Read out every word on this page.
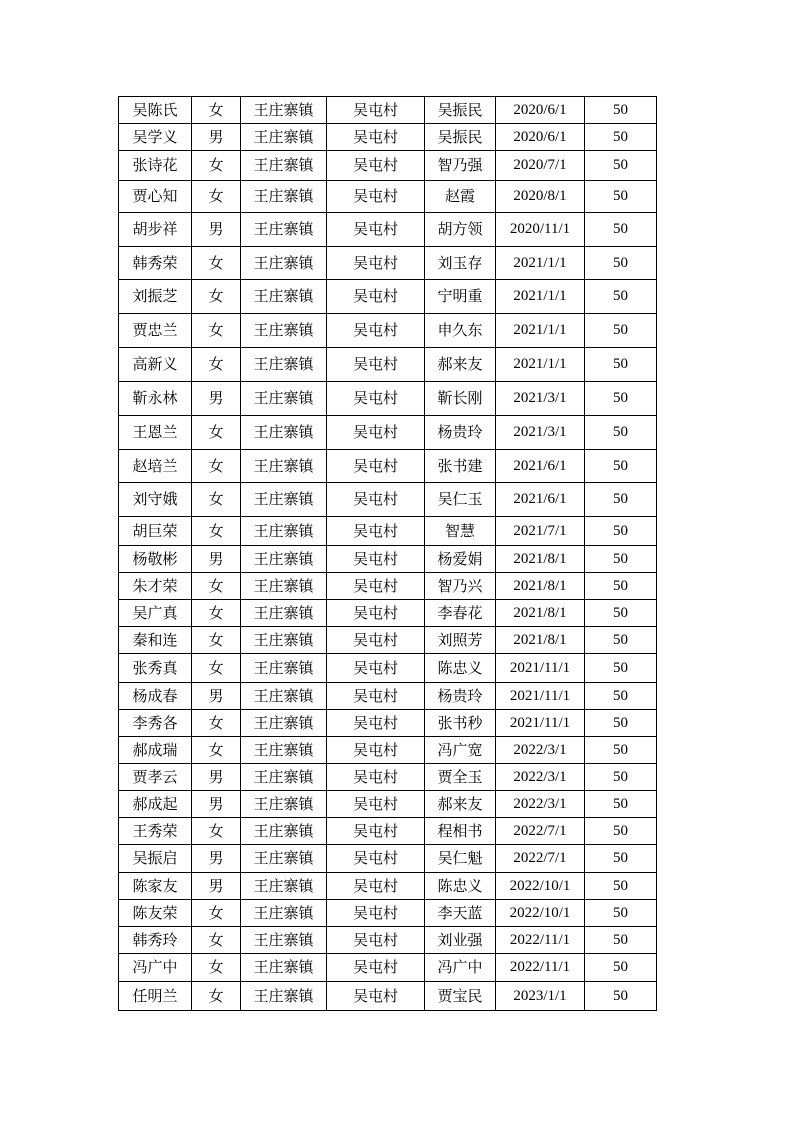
吴陈氏	女	王庄寨镇	吴屯村	吴振民	2020/6/1	50
吴学义	男	王庄寨镇	吴屯村	吴振民	2020/6/1	50
张诗花	女	王庄寨镇	吴屯村	智乃强	2020/7/1	50
贾心知	女	王庄寨镇	吴屯村	赵霞	2020/8/1	50
胡步祥	男	王庄寨镇	吴屯村	胡方领	2020/11/1	50
韩秀荣	女	王庄寨镇	吴屯村	刘玉存	2021/1/1	50
刘振芝	女	王庄寨镇	吴屯村	宁明重	2021/1/1	50
贾忠兰	女	王庄寨镇	吴屯村	申久东	2021/1/1	50
高新义	女	王庄寨镇	吴屯村	郝来友	2021/1/1	50
靳永林	男	王庄寨镇	吴屯村	靳长刚	2021/3/1	50
王恩兰	女	王庄寨镇	吴屯村	杨贵玲	2021/3/1	50
赵培兰	女	王庄寨镇	吴屯村	张书建	2021/6/1	50
刘守娥	女	王庄寨镇	吴屯村	吴仁玉	2021/6/1	50
胡巨荣	女	王庄寨镇	吴屯村	智慧	2021/7/1	50
杨敬彬	男	王庄寨镇	吴屯村	杨爱娟	2021/8/1	50
朱才荣	女	王庄寨镇	吴屯村	智乃兴	2021/8/1	50
吴广真	女	王庄寨镇	吴屯村	李春花	2021/8/1	50
秦和连	女	王庄寨镇	吴屯村	刘照芳	2021/8/1	50
张秀真	女	王庄寨镇	吴屯村	陈忠义	2021/11/1	50
杨成春	男	王庄寨镇	吴屯村	杨贵玲	2021/11/1	50
李秀各	女	王庄寨镇	吴屯村	张书秒	2021/11/1	50
郝成瑞	女	王庄寨镇	吴屯村	冯广宽	2022/3/1	50
贾孝云	男	王庄寨镇	吴屯村	贾全玉	2022/3/1	50
郝成起	男	王庄寨镇	吴屯村	郝来友	2022/3/1	50
王秀荣	女	王庄寨镇	吴屯村	程相书	2022/7/1	50
吴振启	男	王庄寨镇	吴屯村	吴仁魁	2022/7/1	50
陈家友	男	王庄寨镇	吴屯村	陈忠义	2022/10/1	50
陈友荣	女	王庄寨镇	吴屯村	李天蓝	2022/10/1	50
韩秀玲	女	王庄寨镇	吴屯村	刘业强	2022/11/1	50
冯广中	女	王庄寨镇	吴屯村	冯广中	2022/11/1	50
任明兰	女	王庄寨镇	吴屯村	贾宝民	2023/1/1	50
